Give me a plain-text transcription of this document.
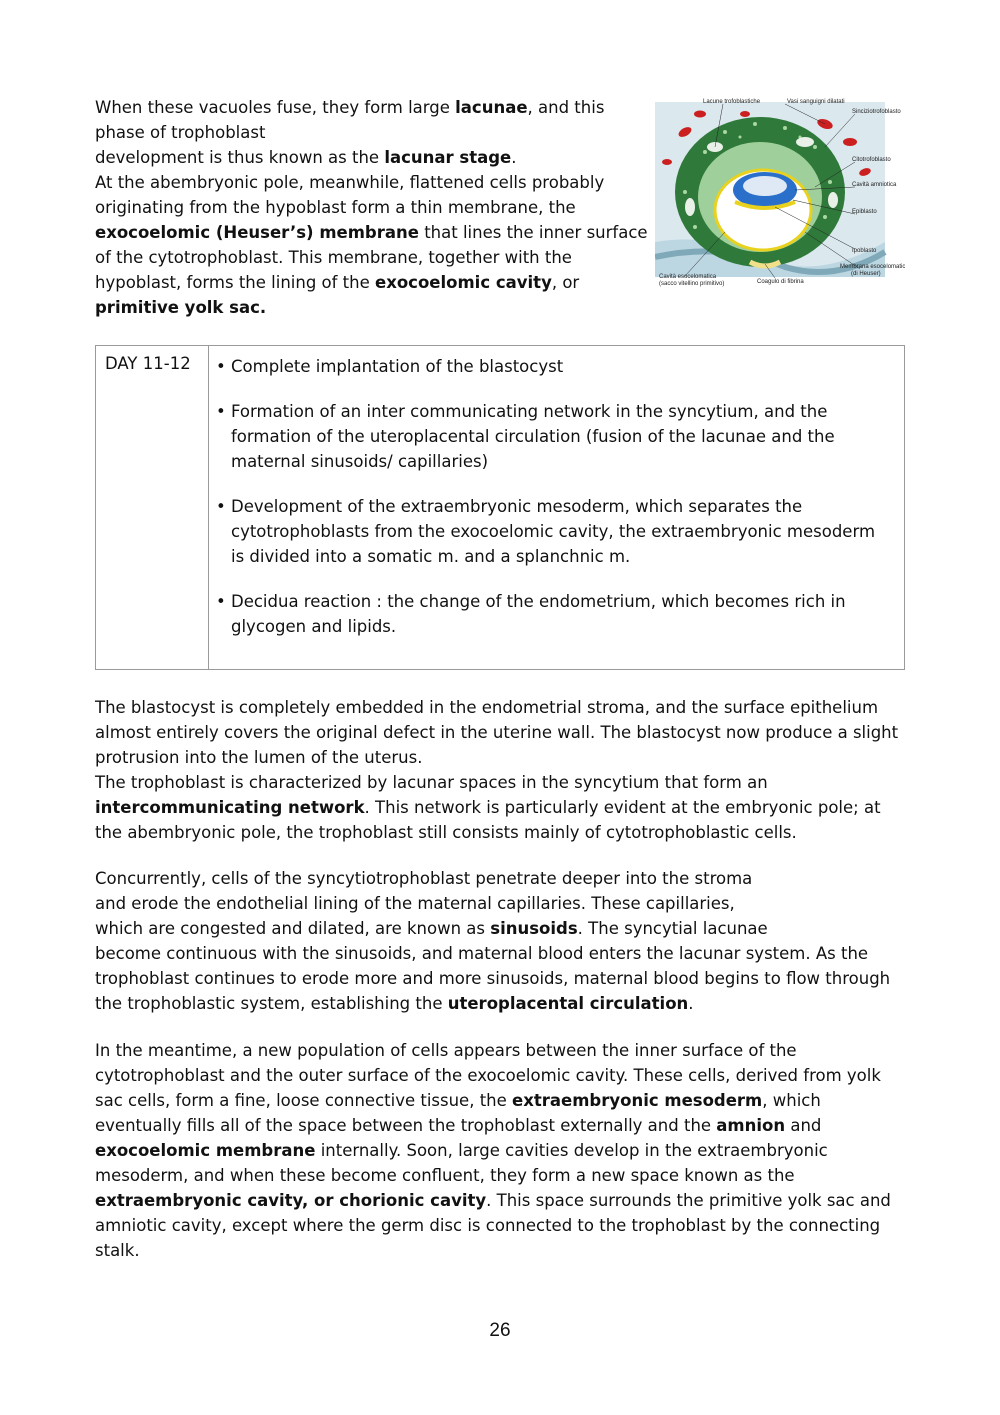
When these vacuoles fuse, they form large lacunae, and this phase of trophoblast
development is thus known as the lacunar stage.
At the abembryonic pole, meanwhile, flattened cells probably originating from the hypoblast form a thin membrane, the exocoelomic (Heuser’s) membrane that lines the inner surface of the cytotrophoblast. This membrane, together with the hypoblast, forms the lining of the exocoelomic cavity, or primitive yolk sac.
Lacune trofoblastiche	Vasi sanguigni dilatati
Sinciziotrofoblasto
Citotrofoblasto
Cavità amniotica
Epiblasto
Ipoblasto
Membrana esocelomatica
(di Heuser)
Cavità esocelomatica
(sacco vitellino primitivo)	Coagulo di fibrina
DAY 11-12	• Complete implantation of the blastocyst
• Formation of an inter communicating network in the syncytium, and the formation of the uteroplacental circulation (fusion of the lacunae and the maternal sinusoids/ capillaries)
• Development of the extraembryonic mesoderm, which separates the cytotrophoblasts from the exocoelomic cavity, the extraembryonic mesoderm is divided into a somatic m. and a splanchnic m.
• Decidua reaction : the change of the endometrium, which becomes rich in glycogen and lipids.
The blastocyst is completely embedded in the endometrial stroma, and the surface epithelium almost entirely covers the original defect in the uterine wall. The blastocyst now produce a slight protrusion into the lumen of the uterus.
The trophoblast is characterized by lacunar spaces in the syncytium that form an intercommunicating network. This network is particularly evident at the embryonic pole; at the abembryonic pole, the trophoblast still consists mainly of cytotrophoblastic cells.
Concurrently, cells of the syncytiotrophoblast penetrate deeper into the stroma
and erode the endothelial lining of the maternal capillaries. These capillaries,
which are congested and dilated, are known as sinusoids. The syncytial lacunae
become continuous with the sinusoids, and maternal blood enters the lacunar system. As the trophoblast continues to erode more and more sinusoids, maternal blood begins to flow through the trophoblastic system, establishing the uteroplacental circulation.
In the meantime, a new population of cells appears between the inner surface of the cytotrophoblast and the outer surface of the exocoelomic cavity. These cells, derived from yolk sac cells, form a fine, loose connective tissue, the extraembryonic mesoderm, which eventually fills all of the space between the trophoblast externally and the amnion and exocoelomic membrane internally. Soon, large cavities develop in the extraembryonic mesoderm, and when these become confluent, they form a new space known as the extraembryonic cavity, or chorionic cavity. This space surrounds the primitive yolk sac and amniotic cavity, except where the germ disc is connected to the trophoblast by the connecting stalk.
26
